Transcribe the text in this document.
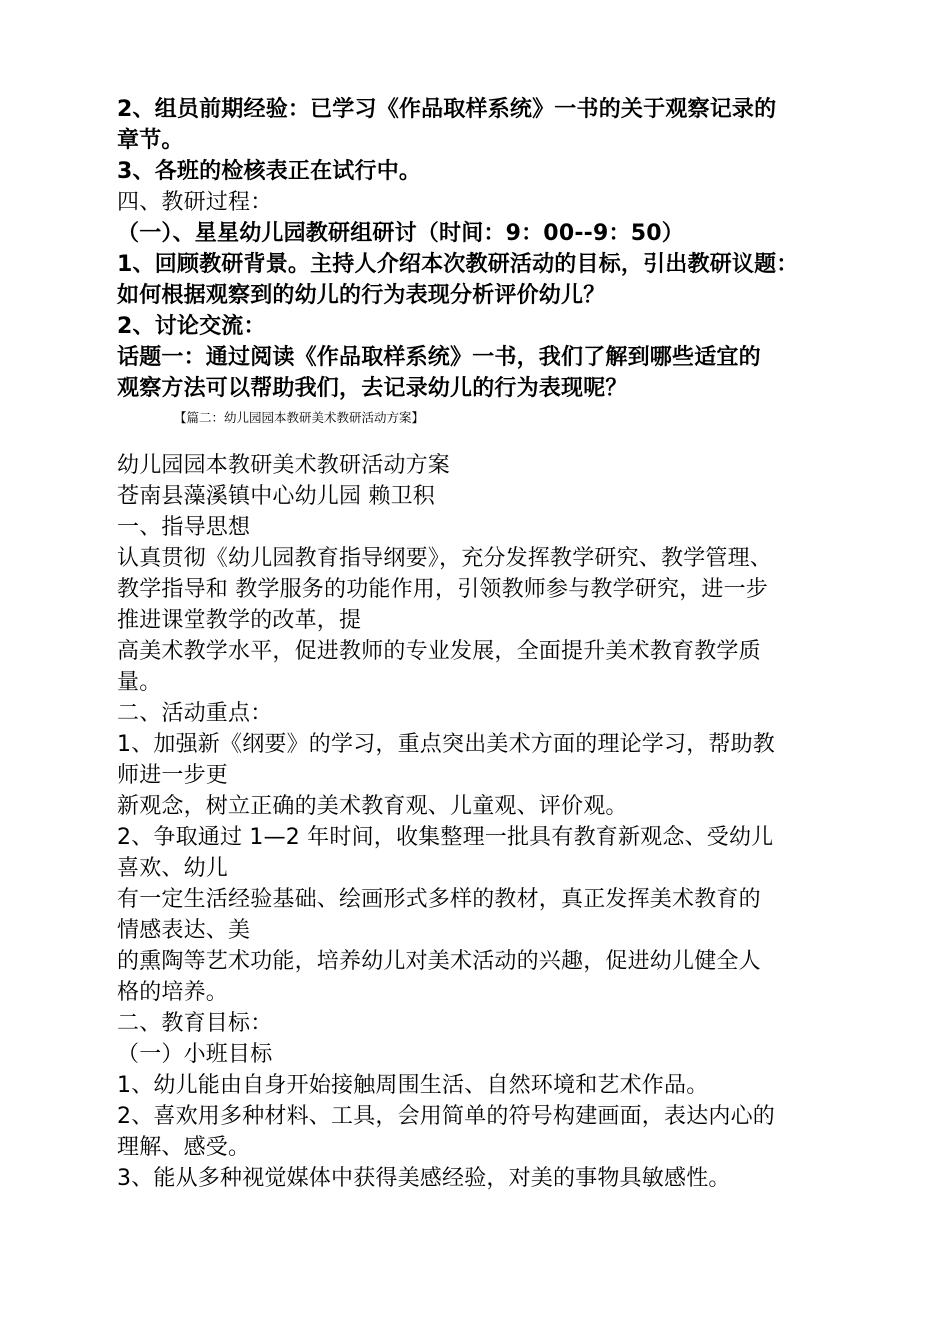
2、组员前期经验：已学习《作品取样系统》一书的关于观察记录的

章节。

3、各班的检核表正在试行中。

四、教研过程：

（一）、星星幼儿园教研组研讨（时间：9：00--9：50）

1、回顾教研背景。主持人介绍本次教研活动的目标，引出教研议题：

如何根据观察到的幼儿的行为表现分析评价幼儿？

2、讨论交流：

话题一：通过阅读《作品取样系统》一书，我们了解到哪些适宜的

观察方法可以帮助我们，去记录幼儿的行为表现呢？

【篇二：幼儿园园本教研美术教研活动方案】

幼儿园园本教研美术教研活动方案

苍南县藻溪镇中心幼儿园 赖卫积

一、指导思想

认真贯彻《幼儿园教育指导纲要》，充分发挥教学研究、教学管理、

教学指导和 教学服务的功能作用，引领教师参与教学研究，进一步

推进课堂教学的改革，提

高美术教学水平，促进教师的专业发展，全面提升美术教育教学质

量。

二、活动重点：

1、加强新《纲要》的学习，重点突出美术方面的理论学习，帮助教

师进一步更

新观念，树立正确的美术教育观、儿童观、评价观。

2、争取通过 1—2 年时间，收集整理一批具有教育新观念、受幼儿

喜欢、幼儿

有一定生活经验基础、绘画形式多样的教材，真正发挥美术教育的

情感表达、美

的熏陶等艺术功能，培养幼儿对美术活动的兴趣，促进幼儿健全人

格的培养。

二、教育目标：

（一）小班目标

1、幼儿能由自身开始接触周围生活、自然环境和艺术作品。

2、喜欢用多种材料、工具，会用简单的符号构建画面，表达内心的

理解、感受。

3、能从多种视觉媒体中获得美感经验，对美的事物具敏感性。
